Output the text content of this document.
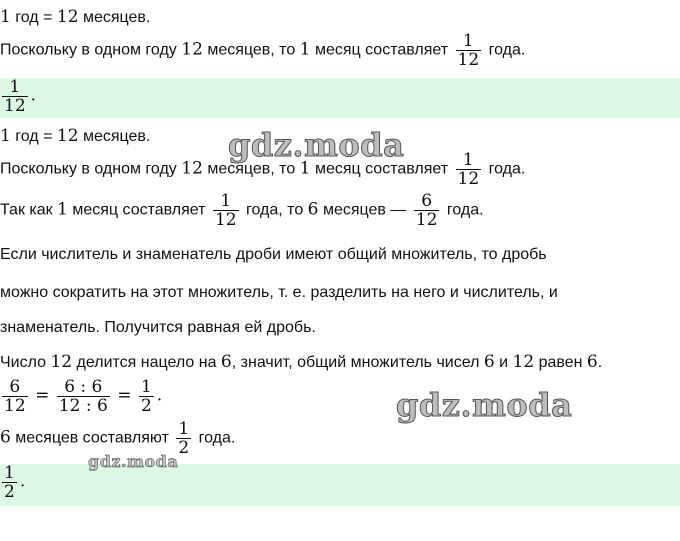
1 год = 12 месяцев.
Поскольку в одном году 12 месяцев, то 1 месяц составляет $\frac{1}{12}$ года.
$\frac{1}{12}$ .
1 год = 12 месяцев.
Поскольку в одном году 12 месяцев, то 1 месяц составляет $\frac{1}{12}$ года.
Так как 1 месяц составляет $\frac{1}{12}$ года, то 6 месяцев — $\frac{6}{12}$ года.
Если числитель и знаменатель дроби имеют общий множитель, то дробь
можно сократить на этот множитель, т. е. разделить на него и числитель, и
знаменатель. Получится равная ей дробь.
Число 12 делится нацело на 6, значит, общий множитель чисел 6 и 12 равен 6.
$\frac{6}{12} = \frac{6 : 6}{12 : 6} = \frac{1}{2}$ .
6 месяцев составляют $\frac{1}{2}$ года.
$\frac{1}{2}$ .
gdz.moda
gdz.moda
gdz.moda
